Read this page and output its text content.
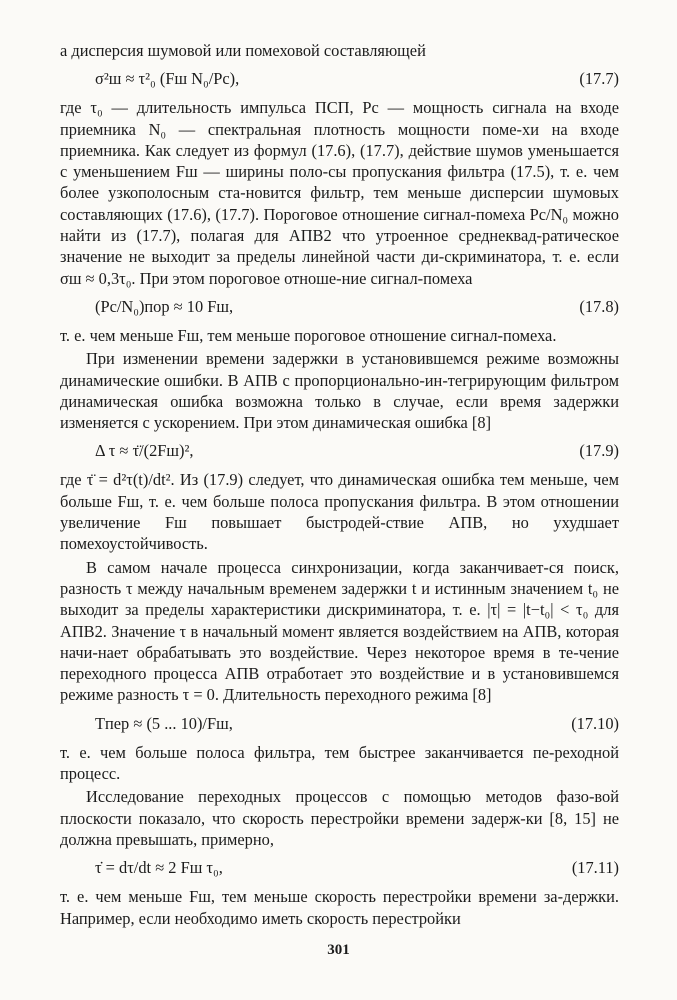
а дисперсия шумовой или помеховой составляющей

σ²ш ≈ τ²₀ (Fш N₀/Pс),	(17.7)

где τ₀ — длительность импульса ПСП, Pс — мощность сигнала на входе приемника N₀ — спектральная плотность мощности поме-хи на входе приемника. Как следует из формул (17.6), (17.7), действие шумов уменьшается с уменьшением Fш — ширины поло-сы пропускания фильтра (17.5), т. е. чем более узкополосным ста-новится фильтр, тем меньше дисперсии шумовых составляющих (17.6), (17.7). Пороговое отношение сигнал-помеха Pс/N₀ можно найти из (17.7), полагая для АПВ2 что утроенное среднеквад-ратическое значение не выходит за пределы линейной части ди-скриминатора, т. е. если σш ≈ 0,3τ₀. При этом пороговое отноше-ние сигнал-помеха

(Pс/N₀)пор ≈ 10 Fш,	(17.8)

т. е. чем меньше Fш, тем меньше пороговое отношение сигнал-помеха.

При изменении времени задержки в установившемся режиме возможны динамические ошибки. В АПВ с пропорционально-ин-тегрирующим фильтром динамическая ошибка возможна только в случае, если время задержки изменяется с ускорением. При этом динамическая ошибка [8]

Δ τ ≈ τ̈/(2Fш)²,	(17.9)

где τ̈ = d²τ(t)/dt². Из (17.9) следует, что динамическая ошибка тем меньше, чем больше Fш, т. е. чем больше полоса пропускания фильтра. В этом отношении увеличение Fш повышает быстродей-ствие АПВ, но ухудшает помехоустойчивость.

В самом начале процесса синхронизации, когда заканчивает-ся поиск, разность τ между начальным временем задержки t и истинным значением t₀ не выходит за пределы характеристики дискриминатора, т. е. |τ| = |t−t₀| < τ₀ для АПВ2. Значение τ в начальный момент является воздействием на АПВ, которая начи-нает обрабатывать это воздействие. Через некоторое время в те-чение переходного процесса АПВ отработает это воздействие и в установившемся режиме разность τ = 0. Длительность переходного режима [8]

Tпер ≈ (5 ... 10)/Fш,	(17.10)

т. е. чем больше полоса фильтра, тем быстрее заканчивается пе-реходной процесс.

Исследование переходных процессов с помощью методов фазо-вой плоскости показало, что скорость перестройки времени задерж-ки [8, 15] не должна превышать, примерно,

τ̇ = dτ/dt ≈ 2 Fш τ₀,	(17.11)

т. е. чем меньше Fш, тем меньше скорость перестройки времени за-держки. Например, если необходимо иметь скорость перестройки

301
